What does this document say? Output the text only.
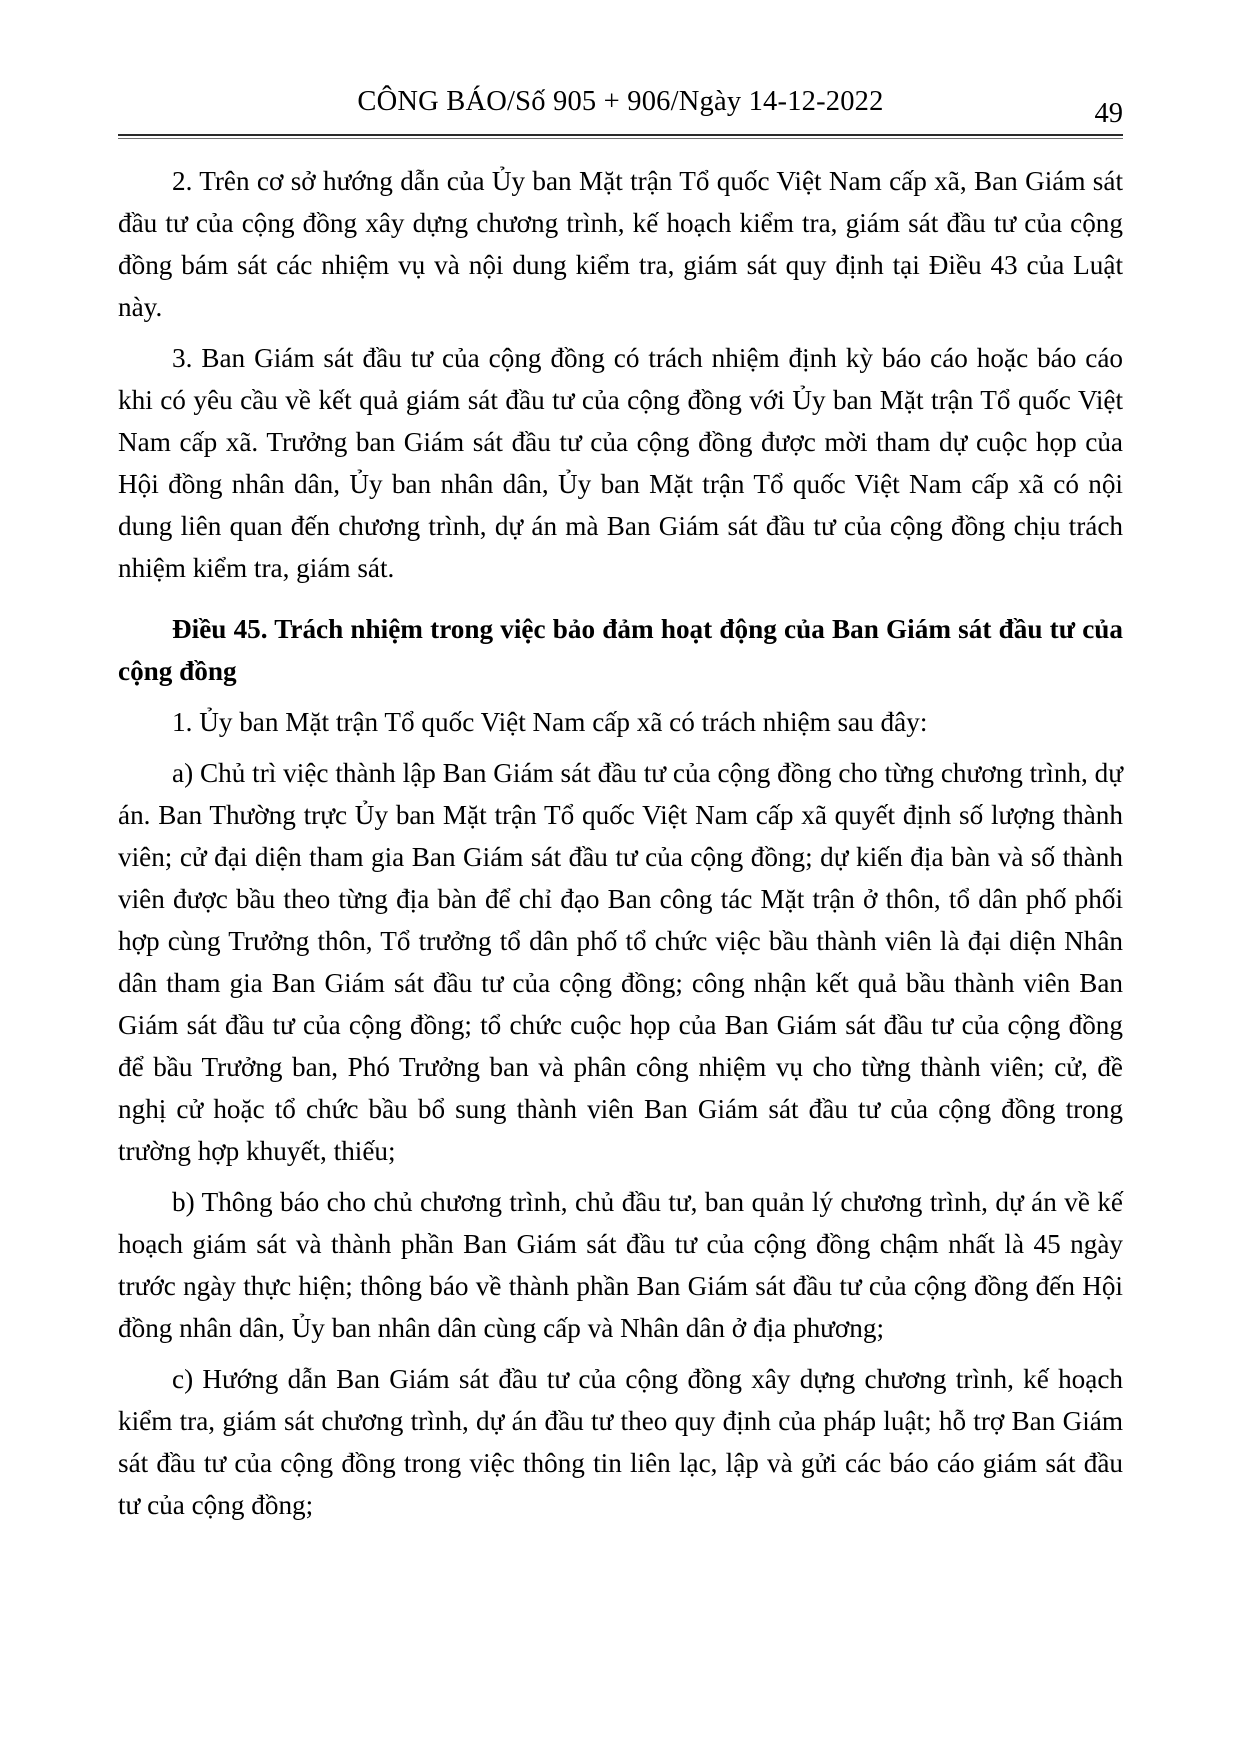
CÔNG BÁO/Số 905 + 906/Ngày 14-12-2022	49

2. Trên cơ sở hướng dẫn của Ủy ban Mặt trận Tổ quốc Việt Nam cấp xã, Ban Giám sát đầu tư của cộng đồng xây dựng chương trình, kế hoạch kiểm tra, giám sát đầu tư của cộng đồng bám sát các nhiệm vụ và nội dung kiểm tra, giám sát quy định tại Điều 43 của Luật này.

3. Ban Giám sát đầu tư của cộng đồng có trách nhiệm định kỳ báo cáo hoặc báo cáo khi có yêu cầu về kết quả giám sát đầu tư của cộng đồng với Ủy ban Mặt trận Tổ quốc Việt Nam cấp xã. Trưởng ban Giám sát đầu tư của cộng đồng được mời tham dự cuộc họp của Hội đồng nhân dân, Ủy ban nhân dân, Ủy ban Mặt trận Tổ quốc Việt Nam cấp xã có nội dung liên quan đến chương trình, dự án mà Ban Giám sát đầu tư của cộng đồng chịu trách nhiệm kiểm tra, giám sát.

Điều 45. Trách nhiệm trong việc bảo đảm hoạt động của Ban Giám sát đầu tư của cộng đồng

1. Ủy ban Mặt trận Tổ quốc Việt Nam cấp xã có trách nhiệm sau đây:

a) Chủ trì việc thành lập Ban Giám sát đầu tư của cộng đồng cho từng chương trình, dự án. Ban Thường trực Ủy ban Mặt trận Tổ quốc Việt Nam cấp xã quyết định số lượng thành viên; cử đại diện tham gia Ban Giám sát đầu tư của cộng đồng; dự kiến địa bàn và số thành viên được bầu theo từng địa bàn để chỉ đạo Ban công tác Mặt trận ở thôn, tổ dân phố phối hợp cùng Trưởng thôn, Tổ trưởng tổ dân phố tổ chức việc bầu thành viên là đại diện Nhân dân tham gia Ban Giám sát đầu tư của cộng đồng; công nhận kết quả bầu thành viên Ban Giám sát đầu tư của cộng đồng; tổ chức cuộc họp của Ban Giám sát đầu tư của cộng đồng để bầu Trưởng ban, Phó Trưởng ban và phân công nhiệm vụ cho từng thành viên; cử, đề nghị cử hoặc tổ chức bầu bổ sung thành viên Ban Giám sát đầu tư của cộng đồng trong trường hợp khuyết, thiếu;

b) Thông báo cho chủ chương trình, chủ đầu tư, ban quản lý chương trình, dự án về kế hoạch giám sát và thành phần Ban Giám sát đầu tư của cộng đồng chậm nhất là 45 ngày trước ngày thực hiện; thông báo về thành phần Ban Giám sát đầu tư của cộng đồng đến Hội đồng nhân dân, Ủy ban nhân dân cùng cấp và Nhân dân ở địa phương;

c) Hướng dẫn Ban Giám sát đầu tư của cộng đồng xây dựng chương trình, kế hoạch kiểm tra, giám sát chương trình, dự án đầu tư theo quy định của pháp luật; hỗ trợ Ban Giám sát đầu tư của cộng đồng trong việc thông tin liên lạc, lập và gửi các báo cáo giám sát đầu tư của cộng đồng;
